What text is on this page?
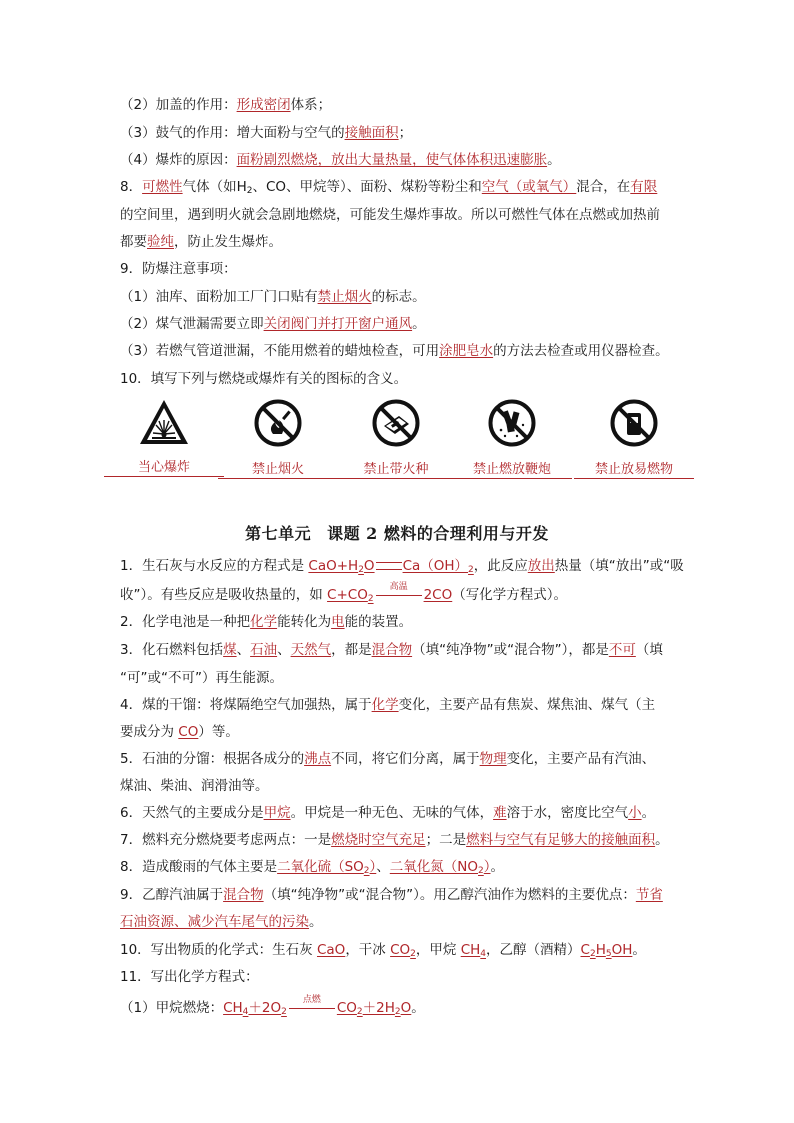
（2）加盖的作用：形成密闭体系；
（3）鼓气的作用：增大面粉与空气的接触面积；
（4）爆炸的原因：面粉剧烈燃烧，放出大量热量，使气体体积迅速膨胀。
8．可燃性气体（如$H_2$、CO、甲烷等）、面粉、煤粉等粉尘和空气（或氧气）混合，在有限
的空间里，遇到明火就会急剧地燃烧，可能发生爆炸事故。所以可燃性气体在点燃或加热前
都要验纯，防止发生爆炸。
9．防爆注意事项：
（1）油库、面粉加工厂门口贴有禁止烟火的标志。
（2）煤气泄漏需要立即关闭阀门并打开窗户通风。
（3）若燃气管道泄漏，不能用燃着的蜡烛检查，可用涂肥皂水的方法去检查或用仪器检查。
10．填写下列与燃烧或爆炸有关的图标的含义。
当心爆炸	禁止烟火	禁止带火种	禁止燃放鞭炮	禁止放易燃物
第七单元 课题 2 燃料的合理利用与开发
1．生石灰与水反应的方程式是 $CaO+H_2O$ $Ca(OH)_2$，此反应放出热量（填“放出”或“吸
收”）。有些反应是吸收热量的，如 $C+CO_2$
高温	2CO（写化学方程式）。
2．化学电池是一种把化学能转化为电能的装置。
3．化石燃料包括煤、石油、天然气，都是混合物（填“纯净物”或“混合物”），都是不可（填
“可”或“不可”）再生能源。
4．煤的干馏：将煤隔绝空气加强热，属于化学变化，主要产品有焦炭、煤焦油、煤气（主
要成分为 CO）等。
5．石油的分馏：根据各成分的沸点不同，将它们分离，属于物理变化，主要产品有汽油、
煤油、柴油、润滑油等。
6．天然气的主要成分是甲烷。甲烷是一种无色、无味的气体，难溶于水，密度比空气小。
7．燃料充分燃烧要考虑两点：一是燃烧时空气充足；二是燃料与空气有足够大的接触面积。
8．造成酸雨的气体主要是二氧化硫$(SO_2)$、二氧化氮$(NO_2)$。
9．乙醇汽油属于混合物（填“纯净物”或“混合物”）。用乙醇汽油作为燃料的主要优点：节省
石油资源、减少汽车尾气的污染。
10．写出物质的化学式：生石灰 CaO，干冰 $CO_2$，甲烷 $CH_4$，乙醇（酒精）$C_2H_5OH$。
11．写出化学方程式：
（1）甲烷燃烧：$CH_4+2O_2$
点燃	$CO_2+2H_2O$。
